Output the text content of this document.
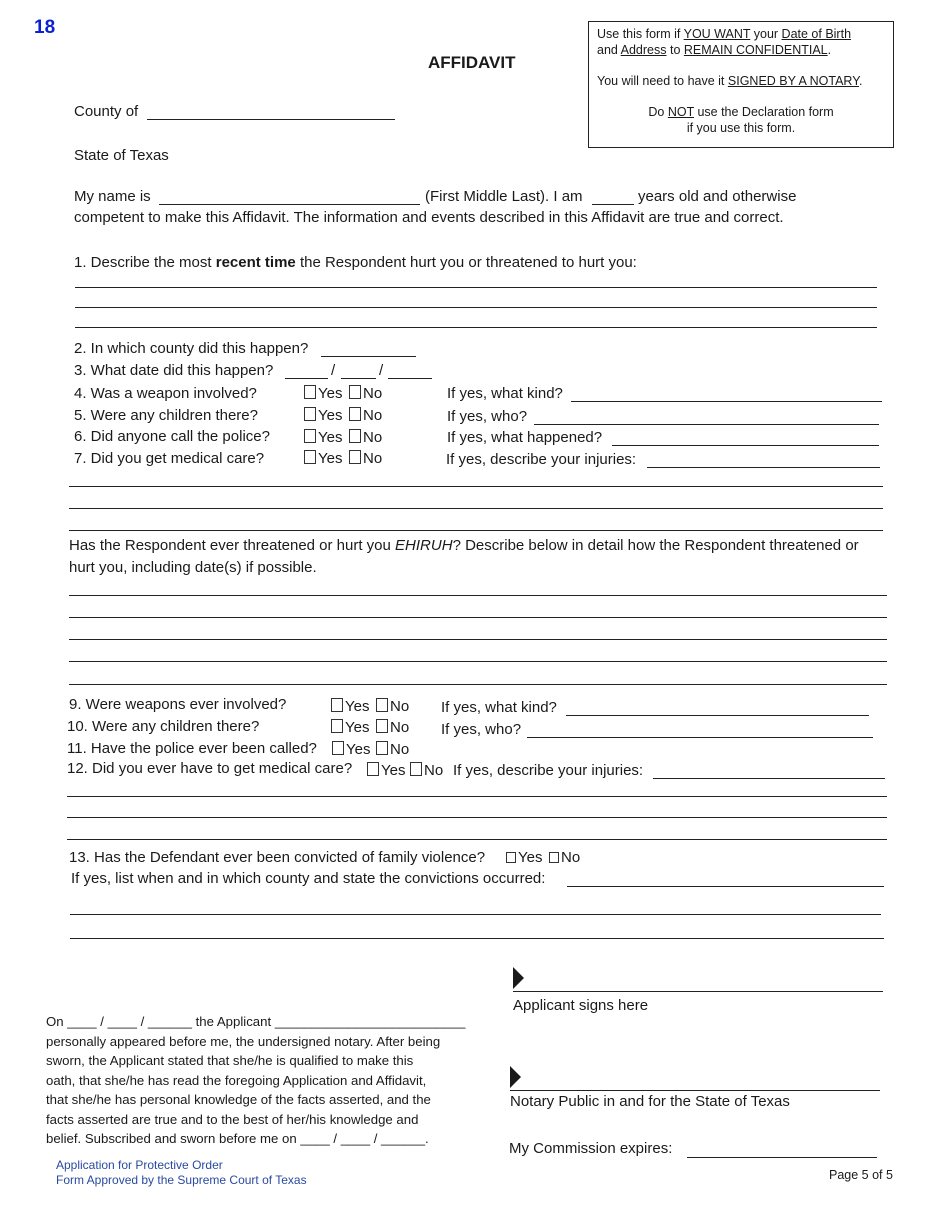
18
AFFIDAVIT
Use this form if YOU WANT your Date of Birth
and Address to REMAIN CONFIDENTIAL.
You will need to have it SIGNED BY A NOTARY.
Do NOT use the Declaration form
if you use this form.
County of
State of Texas
My name is	(First Middle Last). I am	years old and otherwise
competent to make this Affidavit. The information and events described in this Affidavit are true and correct.
1. Describe the most recent time the Respondent hurt you or threatened to hurt you:
2. In which county did this happen?
3. What date did this happen?	/	/
4. Was a weapon involved?	Yes	No	If yes, what kind?
5. Were any children there?	Yes	No	If yes, who?
6. Did anyone call the police?	Yes	No	If yes, what happened?
7. Did you get medical care?	Yes	No	If yes, describe your injuries:
Has the Respondent ever threatened or hurt you EHIRUH? Describe below in detail how the Respondent threatened or
hurt you, including date(s) if possible.
9. Were weapons ever involved?	Yes	No If yes, what kind?
10. Were any children there?	Yes	No If yes, who?
11. Have the police ever been called?	Yes	No
12. Did you ever have to get medical care?	Yes	No If yes, describe your injuries:
13. Has the Defendant ever been convicted of family violence?	Yes	No
If yes, list when and in which county and state the convictions occurred:
Applicant signs here
Notary Public in and for the State of Texas
My Commission expires:
On ____ / ____ / ______ the Applicant __________________________
personally appeared before me, the undersigned notary. After being
sworn, the Applicant stated that she/he is qualified to make this
oath, that she/he has read the foregoing Application and Affidavit,
that she/he has personal knowledge of the facts asserted, and the
facts asserted are true and to the best of her/his knowledge and
belief. Subscribed and sworn before me on ____ / ____ / ______.
Application for Protective Order
Form Approved by the Supreme Court of Texas	Page 5 of 5
